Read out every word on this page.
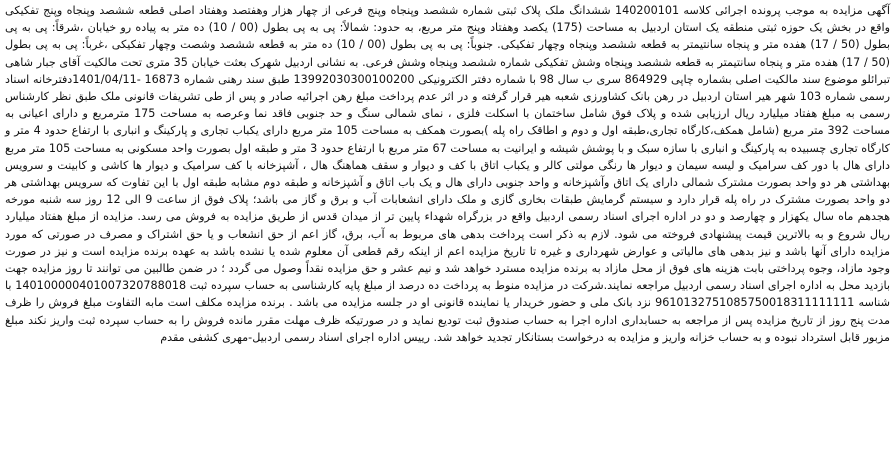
آگهی مزایده به موجب پرونده اجرائی کلاسه 140200101 ششدانگ ملک پلاک ثبتی شماره ششصد وپنجاه وپنج فرعی از چهار هزار وهفتصد وهفتاد اصلی قطعه ششصد وپنجاه وپنج تفکیکی واقع در بخش یک حوزه ثبتی منطقه یک استان اردبیل به مساحت (175) یکصد وهفتاد وپنج متر مربع، به حدود: شمالاً: پی به پی بطول (00 / 10) ده متر به پیاده رو خیابان ،شرقاً: پی به پی بطول (50 / 17) هفده متر و پنجاه سانتیمتر به قطعه ششصد وپنجاه وچهار تفکیکی. جنوباً: پی به پی بطول (00 / 10) ده متر به قطعه ششصد وشصت وچهار تفکیکی ،غرباً: پی به پی بطول (50 / 17) هفده متر و پنجاه سانتیمتر به قطعه ششصد وپنجاه وشش تفکیکی شماره ششصد وپنجاه وشش فرعی. به نشانی اردبیل شهرک بعثت خیابان 35 متری تحت مالکیت آقای جبار شاهی تبرائلو موضوع سند مالکیت اصلی بشماره چاپی 864929 سری ب سال 98 با شماره دفتر الکترونیکی 13992030300100200 طبق سند رهنی شماره 16873 -1401/04/11دفترخانه اسناد رسمی شماره 103 شهر هیر استان اردبیل در رهن بانک کشاورزی شعبه هیر قرار گرفته و در اثر عدم پرداخت مبلغ رهن اجرائیه صادر و پس از طی تشریفات قانونی ملک طبق نظر کارشناس رسمی به مبلغ هفتاد میلیارد ریال ارزیابی شده و پلاک فوق شامل ساختمان با اسکلت فلزی ، نمای شمالی سنگ و حد جنوبی فاقد نما وعرصه به مساحت 175 مترمربع و دارای اعیانی به مساحت 392 متر مربع (شامل همکف،کارگاه تجاری،طبقه اول و دوم و اطاقک راه پله )بصورت همکف به مساحت 105 متر مربع دارای یکباب تجاری و پارکینگ و انباری با ارتفاع حدود 4 متر و کارگاه تجاری چسبیده به پارکینگ و انباری با سازه سبک و با پوشش شیشه و ایرانیت به مساحت 67 متر مربع با ارتفاع حدود 3 متر و طبقه اول بصورت واحد مسکونی به مساحت 105 متر مربع دارای هال با دور کف سرامیک و لیسه سیمان و دیوار ها رنگی مولتی کالر و یکباب اتاق با کف و دیوار و سقف هماهنگ هال ، آشپزخانه با کف سرامیک و دیوار ها کاشی و کابینت و سرویس بهداشتی هر دو واحد بصورت مشترک شمالی دارای یک اتاق وآشپزخانه و واحد جنوبی دارای هال و یک باب اتاق و آشپزخانه و طبقه دوم مشابه طبقه اول با این تفاوت که سرویس بهداشتی هر دو واحد بصورت مشترک در راه پله قرار دارد و سیستم گرمایش طبقات بخاری گازی و ملک دارای انشعابات آب و برق و گاز می باشد؛ پلاک فوق از ساعت 9 الی 12 روز سه شنبه مورخه هجدهم ماه سال یکهزار و چهارصد و دو در اداره اجرای اسناد رسمی اردبیل واقع در بزرگراه شهداء پایین تر از میدان قدس از طریق مزایده به فروش می رسد. مزایده از مبلغ هفتاد میلیارد ریال شروع و به بالاترین قیمت پیشنهادی فروخته می شود. لازم به ذکر است پرداخت بدهی های مربوط به آب، برق، گاز اعم از حق انشعاب و یا حق اشتراک و مصرف در صورتی که مورد مزایده دارای آنها باشد و نیز بدهی های مالیاتی و عوارض شهرداری و غیره تا تاریخ مزایده اعم از اینکه رقم قطعی آن معلوم شده یا نشده باشد به عهده برنده مزایده است و نیز در صورت وجود مازاد، وجوه پرداختی بابت هزینه های فوق از محل مازاد به برنده مزایده مسترد خواهد شد و نیم عشر و حق مزایده نقداً وصول می گردد ؛ در ضمن طالبین می توانند تا روز مزایده جهت بازدید محل به اداره اجرای اسناد رسمی اردبیل مراجعه نمایند.شرکت در مزایده منوط به پرداخت ده درصد از مبلغ پایه کارشناسی به حساب سپرده ثبت 140100000401007320788018 با شناسه 9610132751085750018311111111 نزد بانک ملی و حضور خریدار یا نماینده قانونی او در جلسه مزایده می باشد . برنده مزایده مکلف است مابه التفاوت مبلغ فروش را ظرف مدت پنج روز از تاریخ مزایده پس از مراجعه به حسابداری اداره اجرا به حساب صندوق ثبت تودیع نماید و در صورتیکه ظرف مهلت مقرر مانده فروش را به حساب سپرده ثبت واریز نکند مبلغ مزبور قابل استرداد نبوده و به حساب خزانه واریز و مزایده به درخواست بستانکار تجدید خواهد شد. رییس اداره اجرای اسناد رسمی اردبیل-مهری کشفی مقدم
